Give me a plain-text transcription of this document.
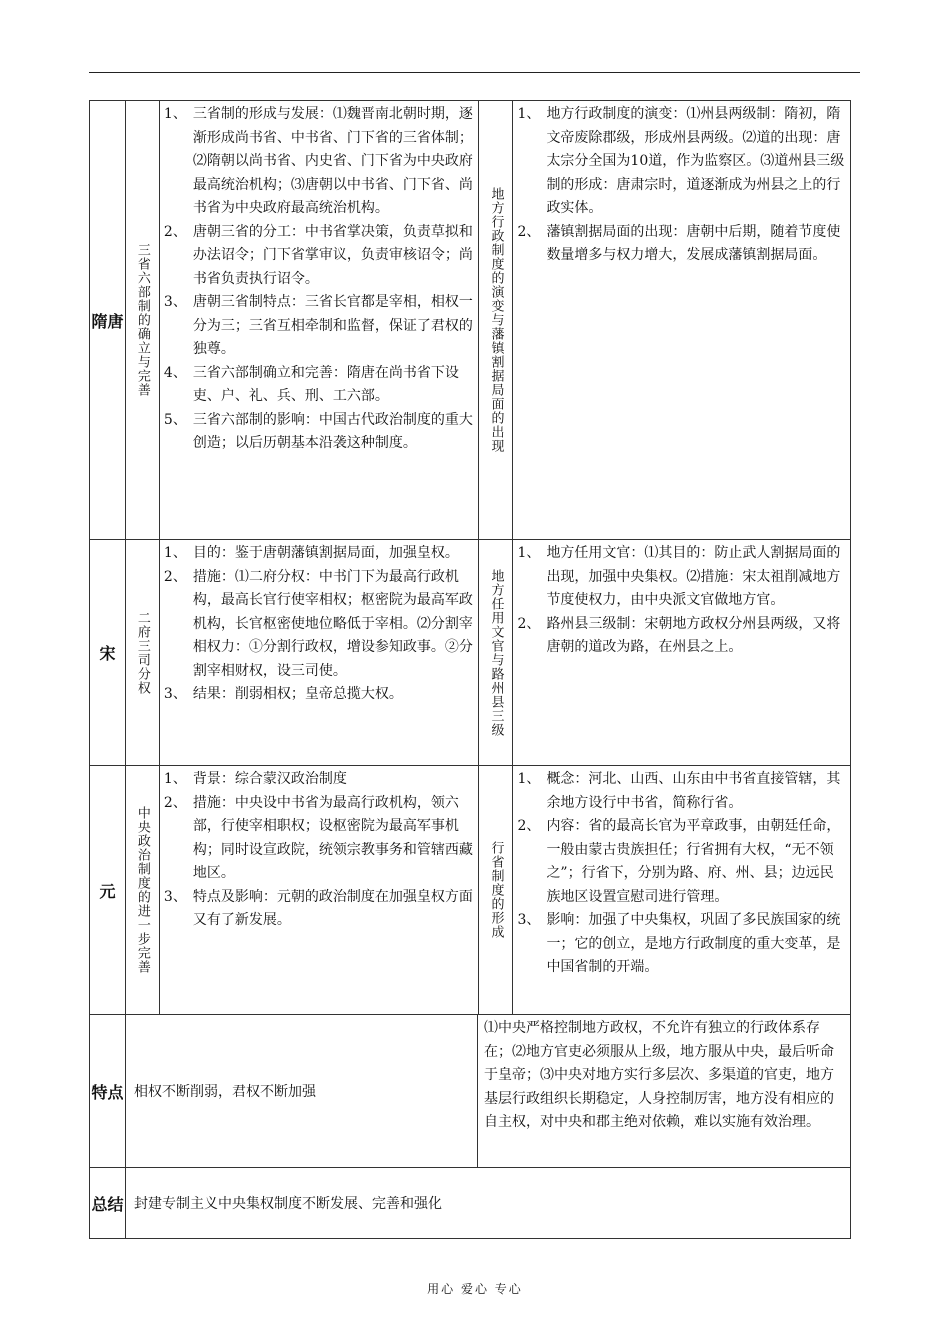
隋唐 三省六部制的确立与完善
1、 三省制的形成与发展：⑴魏晋南北朝时期，逐渐形成尚书省、中书省、门下省的三省体制；⑵隋朝以尚书省、内史省、门下省为中央政府最高统治机构；⑶唐朝以中书省、门下省、尚书省为中央政府最高统治机构。
2、 唐朝三省的分工：中书省掌决策，负责草拟和办法诏令；门下省掌审议，负责审核诏令；尚书省负责执行诏令。
3、 唐朝三省制特点：三省长官都是宰相，相权一分为三；三省互相牵制和监督，保证了君权的独尊。
4、 三省六部制确立和完善：隋唐在尚书省下设吏、户、礼、兵、刑、工六部。
5、 三省六部制的影响：中国古代政治制度的重大创造；以后历朝基本沿袭这种制度。	地方行政制度的演变与藩镇割据局面的出现
1、 地方行政制度的演变：⑴州县两级制：隋初，隋文帝废除郡级，形成州县两级。⑵道的出现：唐太宗分全国为10道，作为监察区。⑶道州县三级制的形成：唐肃宗时，道逐渐成为州县之上的行政实体。
2、 藩镇割据局面的出现：唐朝中后期，随着节度使数量增多与权力增大，发展成藩镇割据局面。
宋	二府三司分权
1、 目的：鉴于唐朝藩镇割据局面，加强皇权。
2、 措施：⑴二府分权：中书门下为最高行政机构，最高长官行使宰相权；枢密院为最高军政机构，长官枢密使地位略低于宰相。⑵分割宰相权力：①分割行政权，增设参知政事。②分割宰相财权，设三司使。
3、 结果：削弱相权；皇帝总揽大权。	地方任用文官与路州县三级
1、 地方任用文官：⑴其目的：防止武人割据局面的出现，加强中央集权。⑵措施：宋太祖削减地方节度使权力，由中央派文官做地方官。
2、 路州县三级制：宋朝地方政权分州县两级，又将唐朝的道改为路，在州县之上。
元	中央政治制度的进一步完善
1、 背景：综合蒙汉政治制度
2、 措施：中央设中书省为最高行政机构，领六部，行使宰相职权；设枢密院为最高军事机构；同时设宣政院，统领宗教事务和管辖西藏地区。
3、 特点及影响：元朝的政治制度在加强皇权方面又有了新发展。	行省制度的形成
1、 概念：河北、山西、山东由中书省直接管辖，其余地方设行中书省，简称行省。
2、 内容：省的最高长官为平章政事，由朝廷任命，一般由蒙古贵族担任；行省拥有大权，“无不领之”；行省下，分别为路、府、州、县；边远民族地区设置宣慰司进行管理。
3、 影响：加强了中央集权，巩固了多民族国家的统一；它的创立，是地方行政制度的重大变革，是中国省制的开端。
特点 相权不断削弱，君权不断加强
⑴中央严格控制地方政权，不允许有独立的行政体系存在；⑵地方官吏必须服从上级，地方服从中央，最后听命于皇帝；⑶中央对地方实行多层次、多渠道的官吏，地方基层行政组织长期稳定，人身控制厉害，地方没有相应的自主权，对中央和郡主绝对依赖，难以实施有效治理。
总结 封建专制主义中央集权制度不断发展、完善和强化
用心 爱心 专心
